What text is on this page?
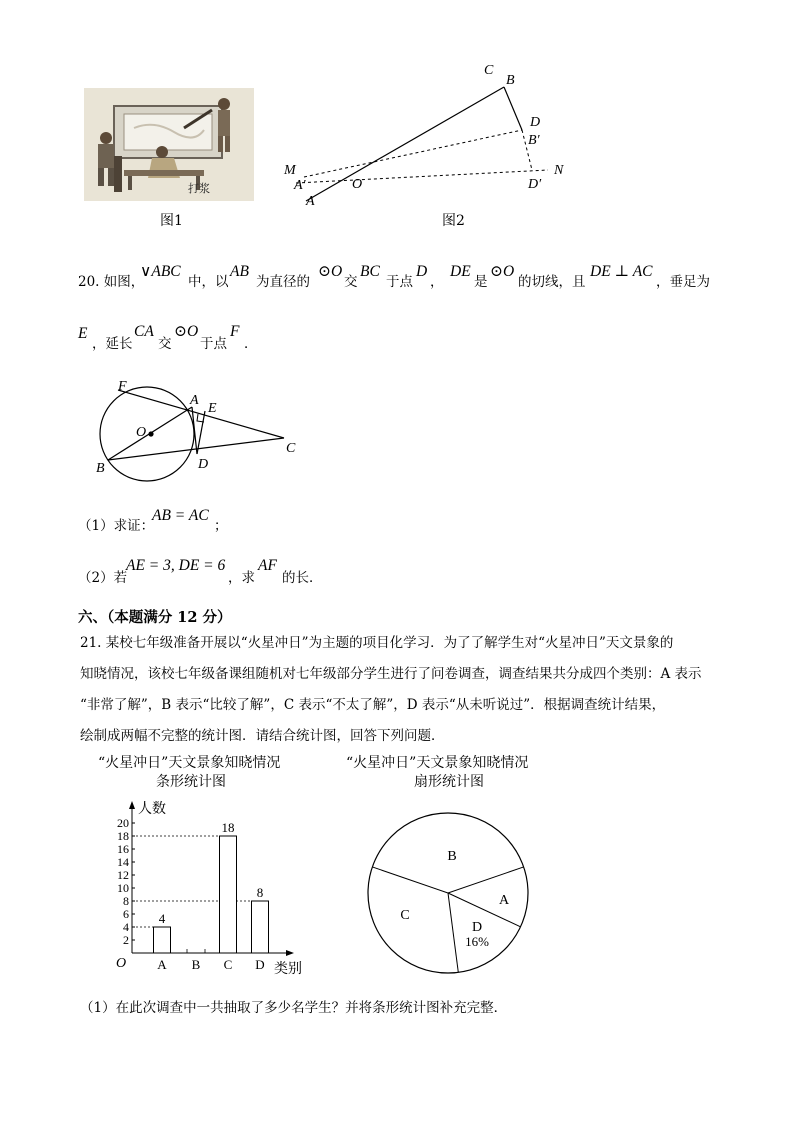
打浆
图1
C
B
D
B′
M	N
A′	O	D′
A
图2
20. 如图，
∨ABC
中，以
AB
为直径的
⊙O
交
BC
于点
D
，
DE
是
⊙O
的切线，且
DE ⊥ AC
，垂足为
E
，延长
CA
交
⊙O
于点
F
．
F
A
E
O
C
B	D
（1）求证：
AB = AC
；
（2）若
AE = 3, DE = 6
，求
AF
的长．
六、（本题满分 12 分）
21. 某校七年级准备开展以“火星冲日”为主题的项目化学习．为了了解学生对“火星冲日”天文景象的
知晓情况，该校七年级备课组随机对七年级部分学生进行了问卷调查，调查结果共分成四个类别：A 表示
“非常了解”，B 表示“比较了解”，C 表示“不太了解”，D 表示“从未听说过”．根据调查统计结果，
绘制成两幅不完整的统计图．请结合统计图，回答下列问题．
“火星冲日”天文景象知晓情况
条形统计图
“火星冲日”天文景象知晓情况
扇形统计图
人数
类别
O
2
4
6
8
10
12
14
16
18
20
A
4
B C
18
D
8
B
A
D
16%
C
（1）在此次调查中一共抽取了多少名学生？并将条形统计图补充完整．
